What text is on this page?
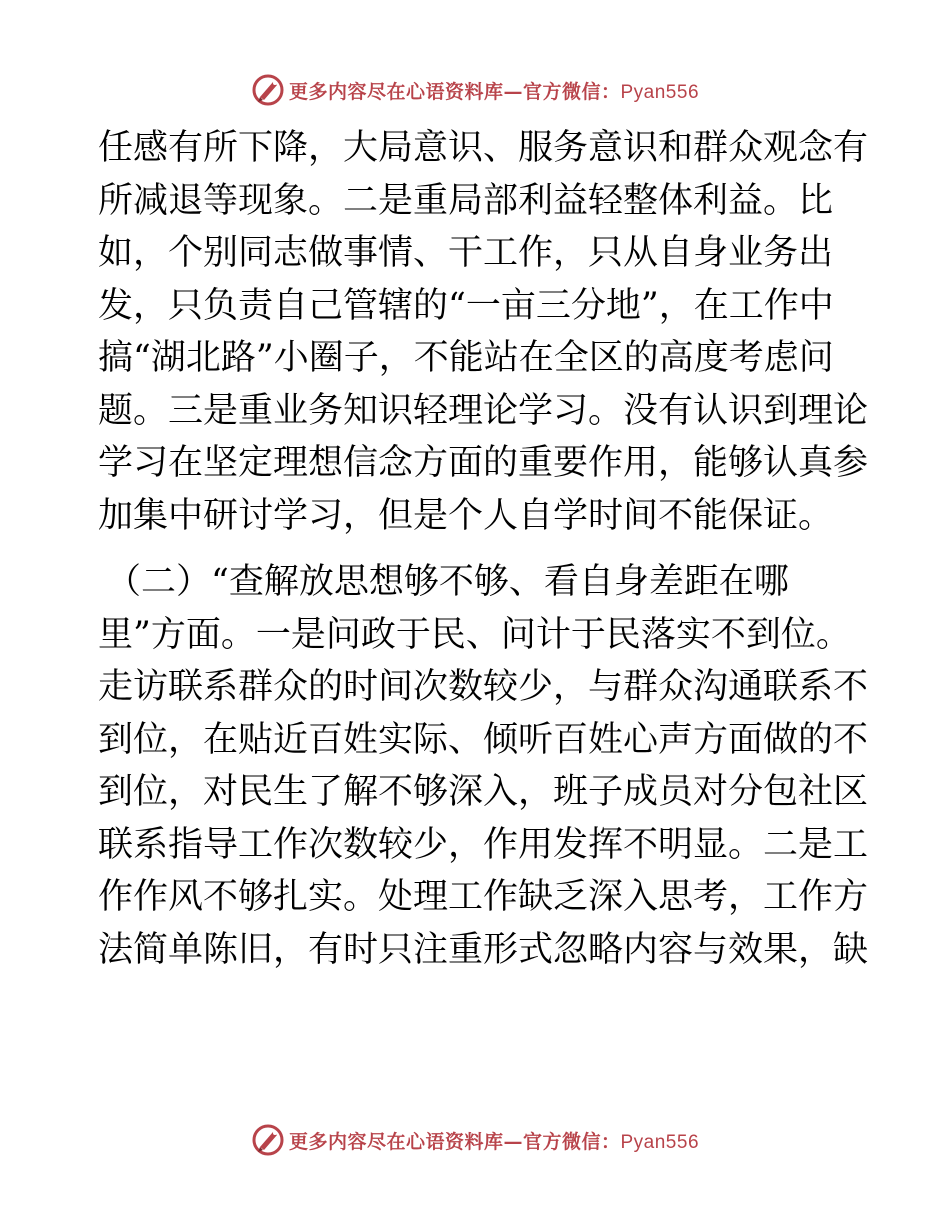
更多内容尽在心语资料库—官方微信：Pyan556
任感有所下降，大局意识、服务意识和群众观念有
所减退等现象。二是重局部利益轻整体利益。比
如，个别同志做事情、干工作，只从自身业务出
发，只负责自己管辖的“一亩三分地”，在工作中
搞“湖北路”小圈子，不能站在全区的高度考虑问
题。三是重业务知识轻理论学习。没有认识到理论
学习在坚定理想信念方面的重要作用，能够认真参
加集中研讨学习，但是个人自学时间不能保证。
（二）“查解放思想够不够、看自身差距在哪
里”方面。一是问政于民、问计于民落实不到位。
走访联系群众的时间次数较少，与群众沟通联系不
到位，在贴近百姓实际、倾听百姓心声方面做的不
到位，对民生了解不够深入，班子成员对分包社区
联系指导工作次数较少，作用发挥不明显。二是工
作作风不够扎实。处理工作缺乏深入思考，工作方
法简单陈旧，有时只注重形式忽略内容与效果，缺
更多内容尽在心语资料库—官方微信：Pyan556
